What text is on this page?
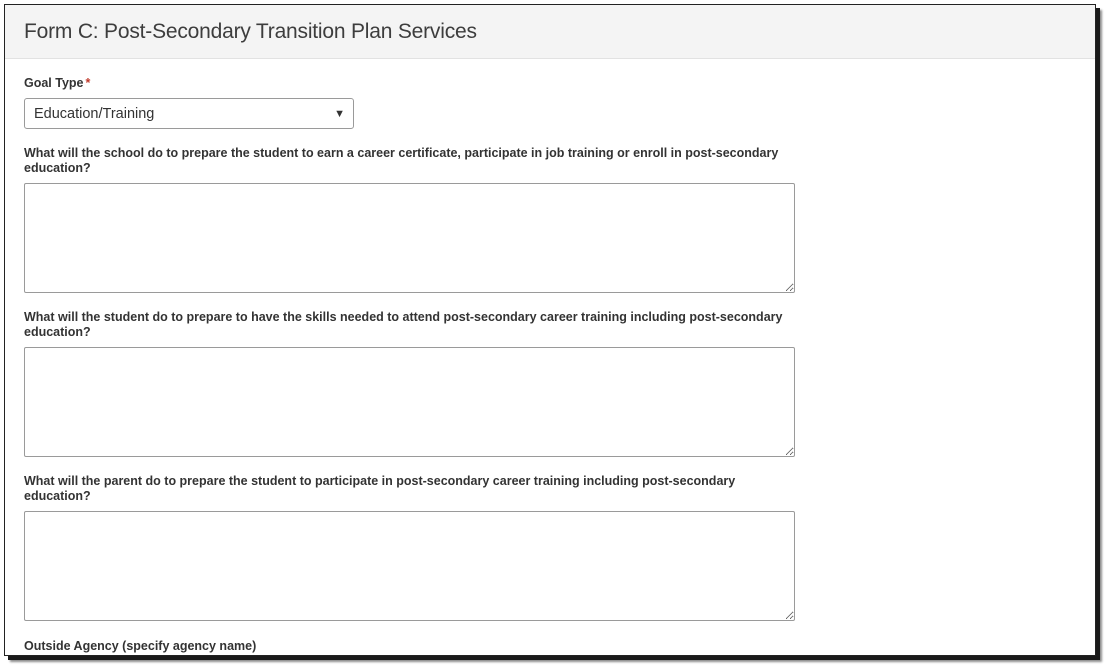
Form C: Post-Secondary Transition Plan Services
Goal Type *
Education/Training	▼
What will the school do to prepare the student to earn a career certificate, participate in job training or enroll in post-secondary education?
What will the student do to prepare to have the skills needed to attend post-secondary career training including post-secondary education?
What will the parent do to prepare the student to participate in post-secondary career training including post-secondary education?
Outside Agency (specify agency name)
